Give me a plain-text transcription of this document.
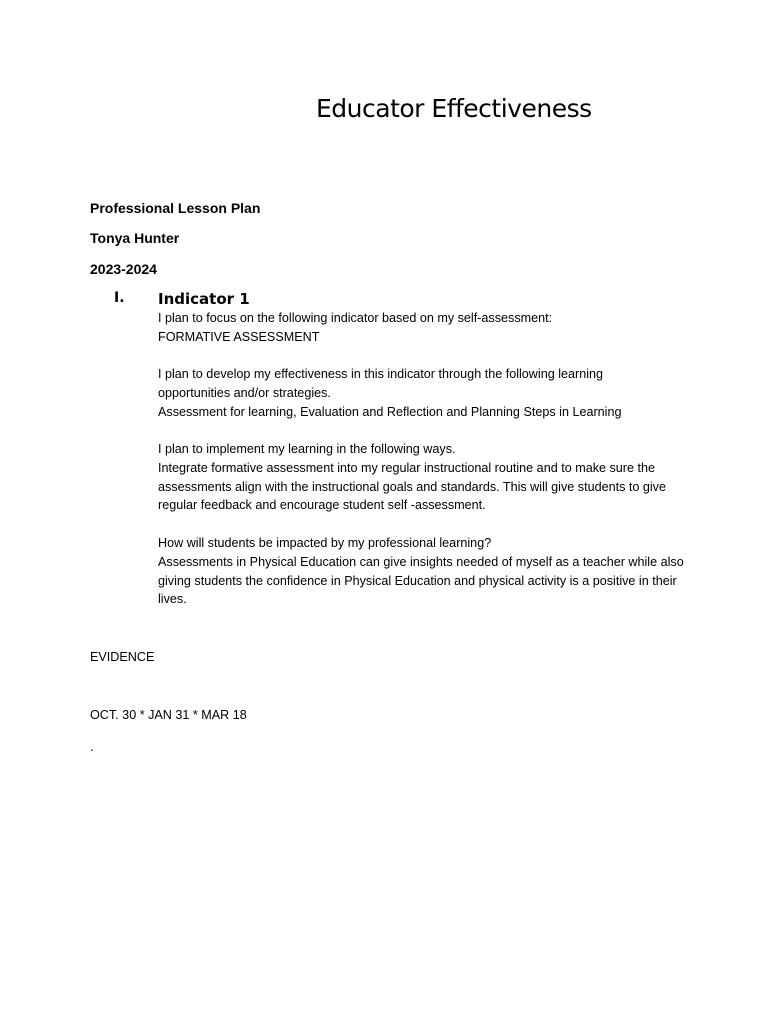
Educator Effectiveness

Professional Lesson Plan

Tonya Hunter

2023-2024

I. Indicator 1
I plan to focus on the following indicator based on my self-assessment:
FORMATIVE ASSESSMENT
I plan to develop my effectiveness in this indicator through the following learning
opportunities and/or strategies.
Assessment for learning, Evaluation and Reflection and Planning Steps in Learning
I plan to implement my learning in the following ways.
Integrate formative assessment into my regular instructional routine and to make sure the
assessments align with the instructional goals and standards. This will give students to give
regular feedback and encourage student self -assessment.
How will students be impacted by my professional learning?
Assessments in Physical Education can give insights needed of myself as a teacher while also
giving students the confidence in Physical Education and physical activity is a positive in their
lives.

EVIDENCE

OCT. 30 * JAN 31 * MAR 18

.
